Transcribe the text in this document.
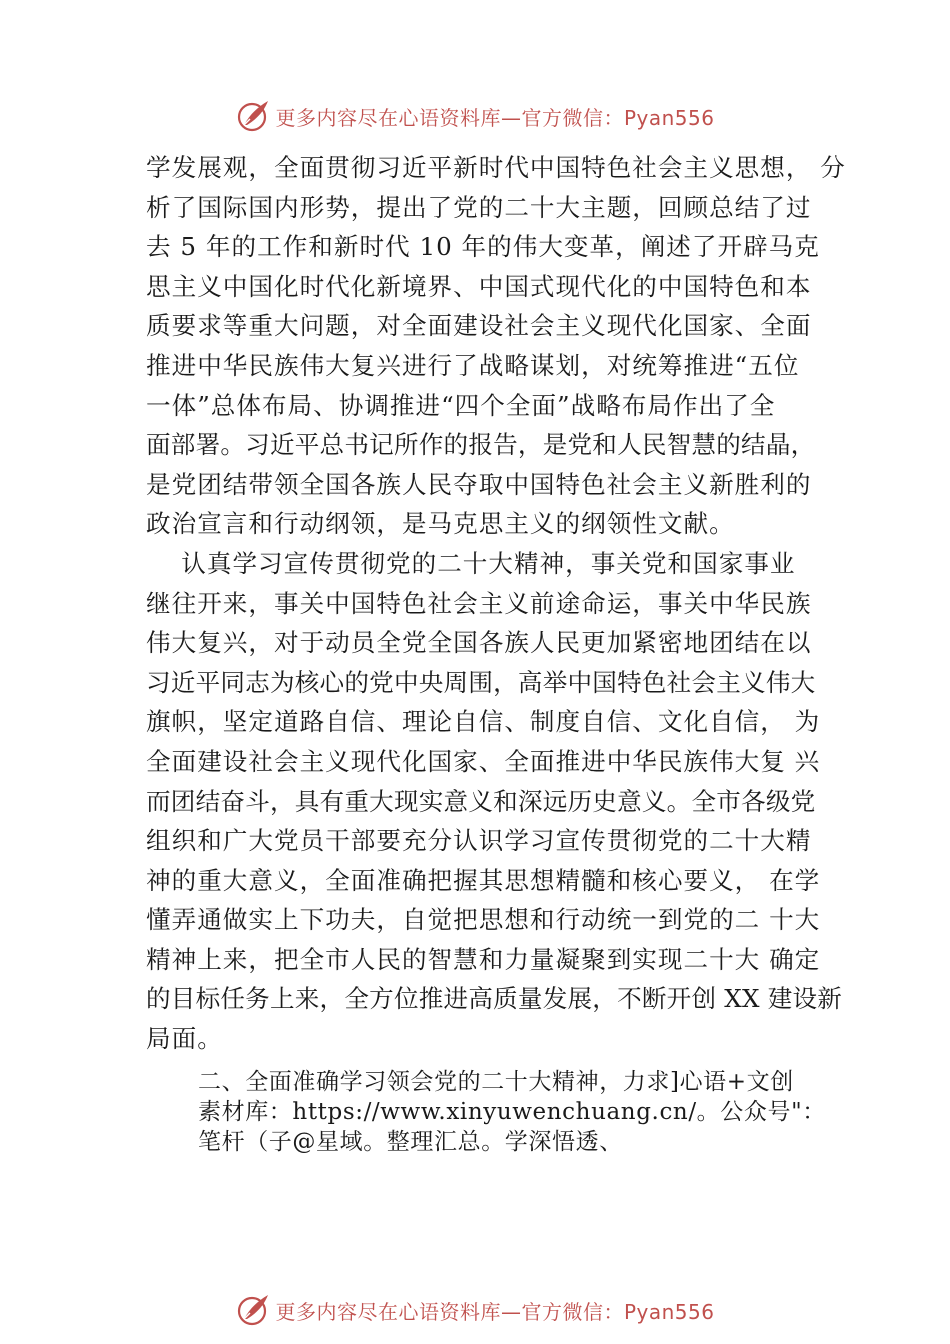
更多内容尽在心语资料库—官方微信：Pyan556
学发展观，全面贯彻习近平新时代中国特色社会主义思想， 分
析了国际国内形势，提出了党的二十大主题，回顾总结了过
去 5 年的工作和新时代 10 年的伟大变革，阐述了开辟马克
思主义中国化时代化新境界、中国式现代化的中国特色和本
质要求等重大问题，对全面建设社会主义现代化国家、全面
推进中华民族伟大复兴进行了战略谋划，对统筹推进“五位
一体”总体布局、协调推进“四个全面”战略布局作出了全
面部署。习近平总书记所作的报告，是党和人民智慧的结晶，
是党团结带领全国各族人民夺取中国特色社会主义新胜利的
政治宣言和行动纲领，是马克思主义的纲领性文献。
认真学习宣传贯彻党的二十大精神，事关党和国家事业
继往开来，事关中国特色社会主义前途命运，事关中华民族
伟大复兴，对于动员全党全国各族人民更加紧密地团结在以
习近平同志为核心的党中央周围，高举中国特色社会主义伟大
旗帜，坚定道路自信、理论自信、制度自信、文化自信， 为
全面建设社会主义现代化国家、全面推进中华民族伟大复 兴
而团结奋斗，具有重大现实意义和深远历史意义。全市各级党
组织和广大党员干部要充分认识学习宣传贯彻党的二十大精
神的重大意义，全面准确把握其思想精髓和核心要义， 在学
懂弄通做实上下功夫，自觉把思想和行动统一到党的二 十大
精神上来，把全市人民的智慧和力量凝聚到实现二十大 确定
的目标任务上来，全方位推进高质量发展，不断开创 XX 建设新
局面。
二、全面准确学习领会党的二十大精神，力求]心语+文创
素材库：https://www.xinyuwenchuang.cn/。公众号"：
笔杆（子@星域。整理汇总。学深悟透、
更多内容尽在心语资料库—官方微信：Pyan556
